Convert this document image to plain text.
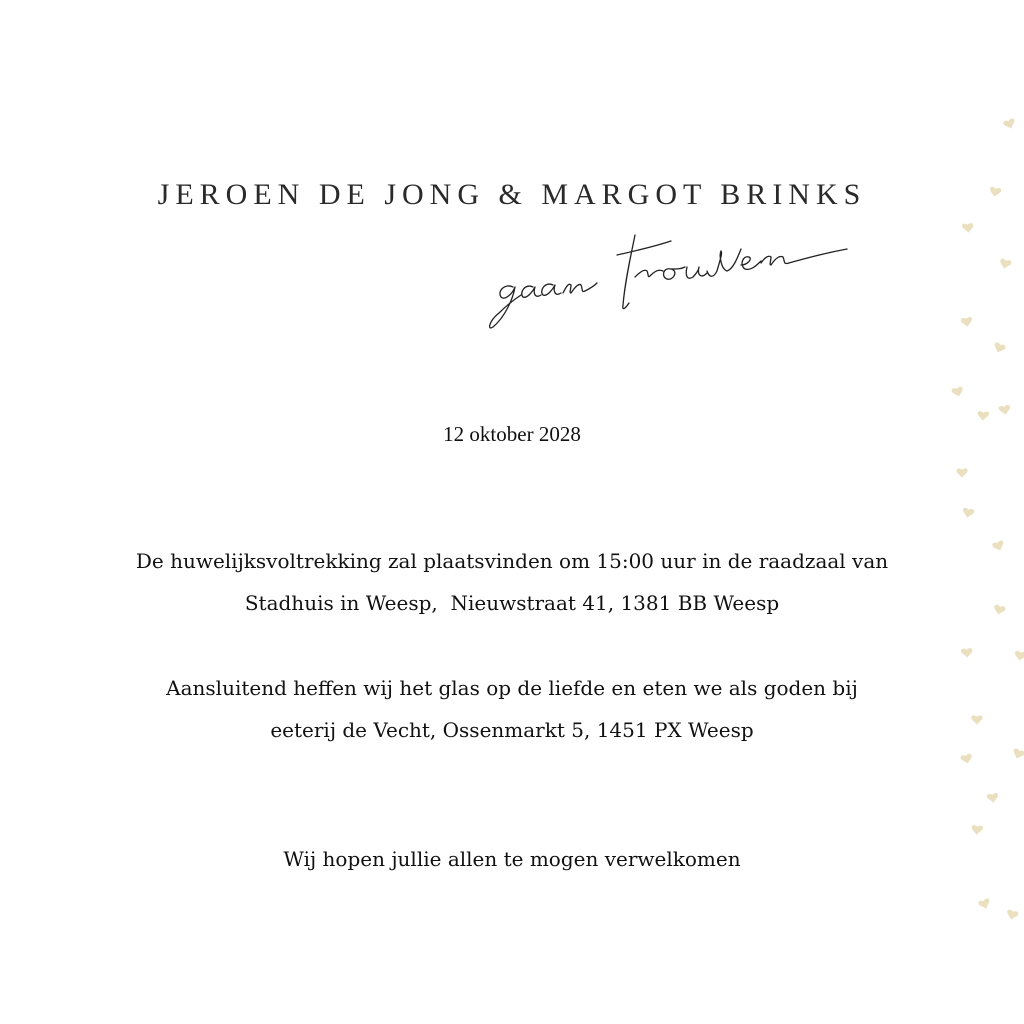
JEROEN DE JONG & MARGOT BRINKS
12 oktober 2028
De huwelijksvoltrekking zal plaatsvinden om 15:00 uur in de raadzaal van
Stadhuis in Weesp,  Nieuwstraat 41, 1381 BB Weesp
Aansluitend heffen wij het glas op de liefde en eten we als goden bij
eeterij de Vecht, Ossenmarkt 5, 1451 PX Weesp
Wij hopen jullie allen te mogen verwelkomen
